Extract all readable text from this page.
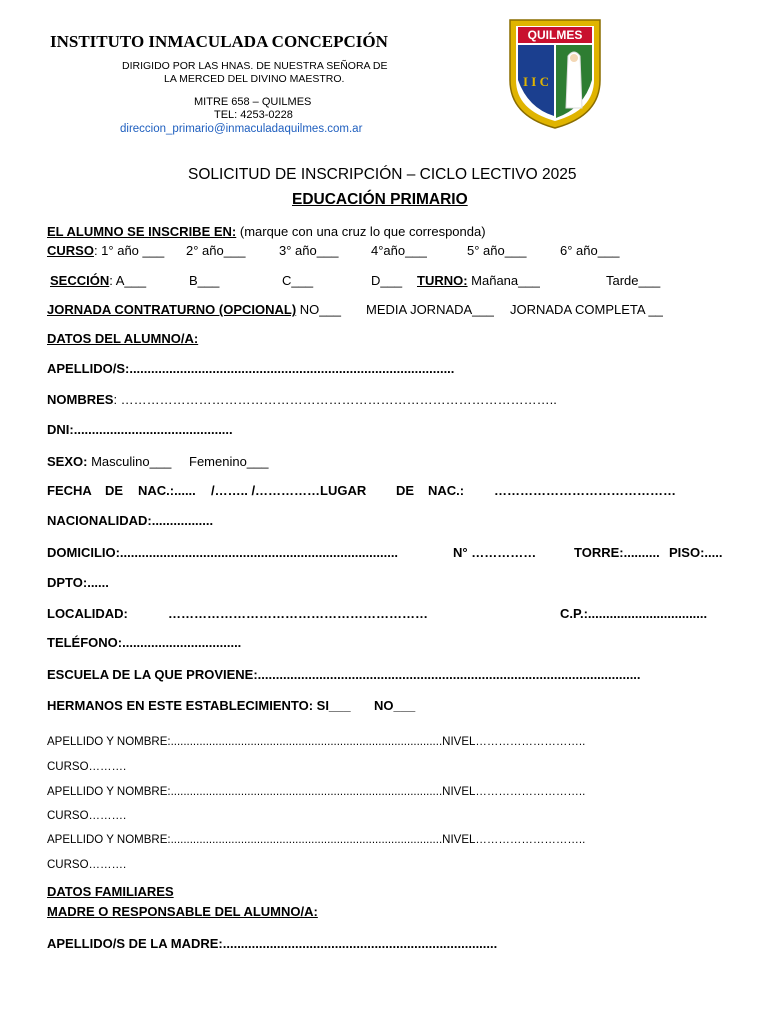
INSTITUTO INMACULADA CONCEPCIÓN
DIRIGIDO POR LAS HNAS. DE NUESTRA SEÑORA DE
LA MERCED DEL DIVINO MAESTRO.
MITRE 658 – QUILMES
TEL: 4253-0228
direccion_primario@inmaculadaquilmes.com.ar
QUILMES
I I C
SOLICITUD DE INSCRIPCIÓN – CICLO LECTIVO 2025
EDUCACIÓN PRIMARIO
EL ALUMNO SE INSCRIBE EN: (marque con una cruz lo que corresponda)
CURSO: 1° año ___ 2° año___	3° año___	4°año___	5° año___	6° año___
SECCIÓN: A___	B___	C___	D___ TURNO: Mañana___	Tarde___
JORNADA CONTRATURNO (OPCIONAL) NO___ MEDIA JORNADA___ JORNADA COMPLETA __
DATOS DEL ALUMNO/A:
APELLIDO/S:..........................................................................................
NOMBRES: ………………………………………………………………………………………..
DNI:............................................
SEXO: Masculino___ Femenino___
FECHA DE NAC.:...... /…….. /……………LUGAR DE NAC.: ……………………………………
NACIONALIDAD:.................
DOMICILIO:.............................................................................	N° ……………	TORRE:.......... PISO:.....
DPTO:......
LOCALIDAD:	……………………………………………………	C.P.:.................................
TELÉFONO:.................................
ESCUELA DE LA QUE PROVIENE:..........................................................................................................
HERMANOS EN ESTE ESTABLECIMIENTO: SI___ NO___
APELLIDO Y NOMBRE:.....................................................................................NIVEL………………………..
CURSO……….
APELLIDO Y NOMBRE:.....................................................................................NIVEL………………………..
CURSO……….
APELLIDO Y NOMBRE:.....................................................................................NIVEL………………………..
CURSO……….
DATOS FAMILIARES
MADRE O RESPONSABLE DEL ALUMNO/A:
APELLIDO/S DE LA MADRE:............................................................................
